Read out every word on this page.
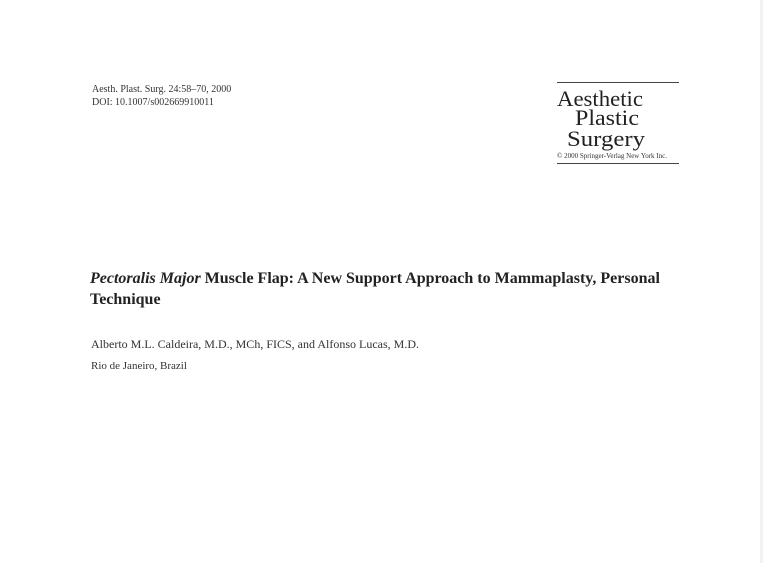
Aesth. Plast. Surg. 24:58–70, 2000
DOI: 10.1007/s002669910011	Aesthetic
Plastic
Surgery
© 2000 Springer-Verlag New York Inc.
Pectoralis Major Muscle Flap: A New Support Approach to Mammaplasty, Personal Technique
Alberto M.L. Caldeira, M.D., MCh, FICS, and Alfonso Lucas, M.D.
Rio de Janeiro, Brazil
